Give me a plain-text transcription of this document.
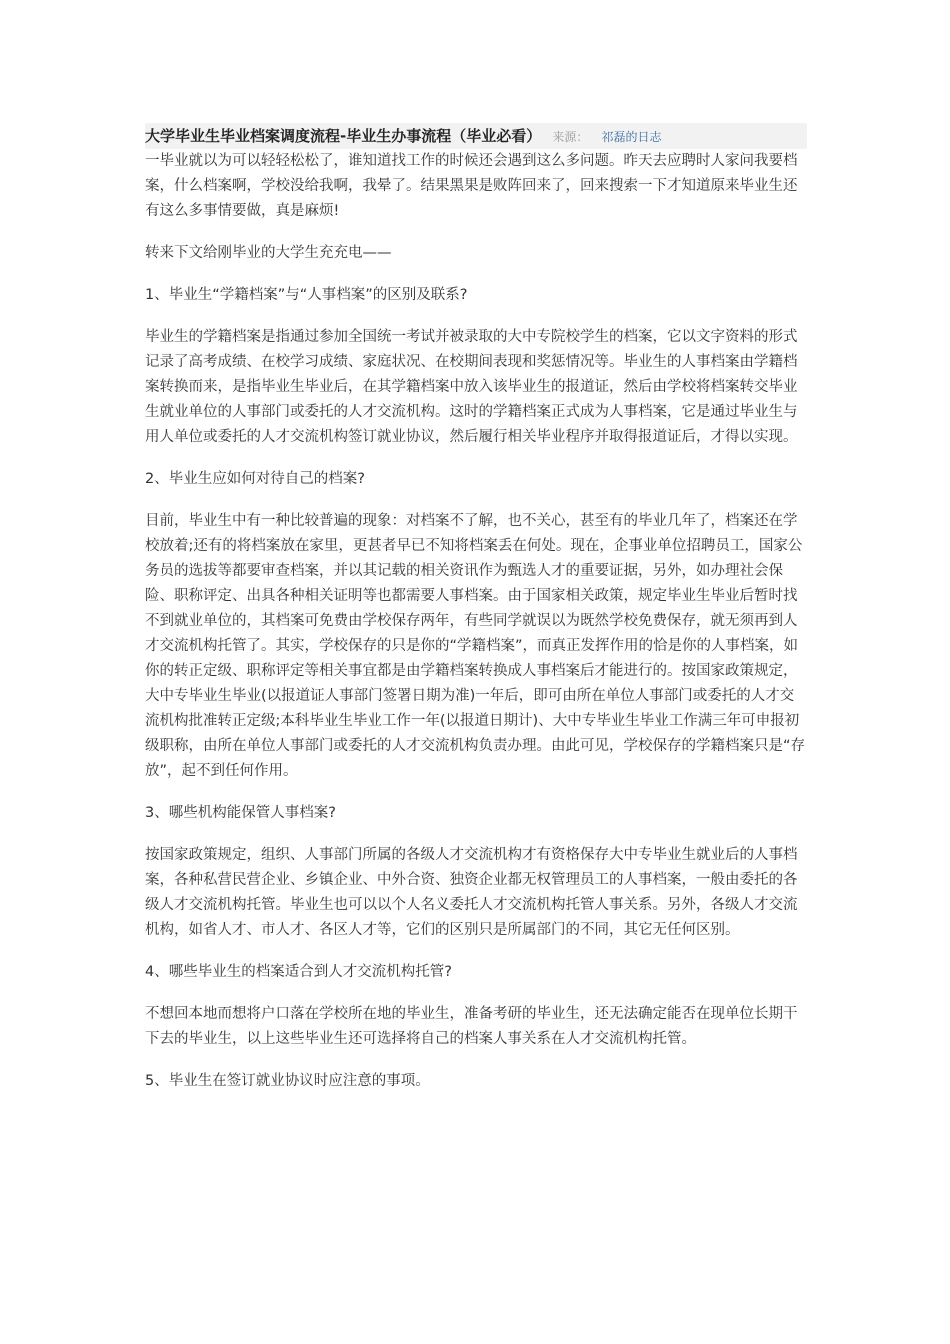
大学毕业生毕业档案调度流程-毕业生办事流程（毕业必看） 来源： 祁磊的日志

一毕业就以为可以轻轻松松了，谁知道找工作的时候还会遇到这么多问题。昨天去应聘时人家问我要档案，什么档案啊，学校没给我啊，我晕了。结果黑果是败阵回来了，回来搜索一下才知道原来毕业生还有这么多事情要做，真是麻烦!

转来下文给刚毕业的大学生充充电——

1、毕业生“学籍档案”与“人事档案”的区别及联系?

毕业生的学籍档案是指通过参加全国统一考试并被录取的大中专院校学生的档案，它以文字资料的形式记录了高考成绩、在校学习成绩、家庭状况、在校期间表现和奖惩情况等。毕业生的人事档案由学籍档案转换而来，是指毕业生毕业后，在其学籍档案中放入该毕业生的报道证，然后由学校将档案转交毕业生就业单位的人事部门或委托的人才交流机构。这时的学籍档案正式成为人事档案，它是通过毕业生与用人单位或委托的人才交流机构签订就业协议，然后履行相关毕业程序并取得报道证后，才得以实现。

2、毕业生应如何对待自己的档案?

目前，毕业生中有一种比较普遍的现象：对档案不了解，也不关心，甚至有的毕业几年了，档案还在学校放着;还有的将档案放在家里，更甚者早已不知将档案丢在何处。现在，企事业单位招聘员工，国家公务员的选拔等都要审查档案，并以其记载的相关资讯作为甄选人才的重要证据，另外，如办理社会保险、职称评定、出具各种相关证明等也都需要人事档案。由于国家相关政策，规定毕业生毕业后暂时找不到就业单位的，其档案可免费由学校保存两年，有些同学就误以为既然学校免费保存，就无须再到人才交流机构托管了。其实，学校保存的只是你的“学籍档案”，而真正发挥作用的恰是你的人事档案，如你的转正定级、职称评定等相关事宜都是由学籍档案转换成人事档案后才能进行的。按国家政策规定，大中专毕业生毕业(以报道证人事部门签署日期为准)一年后，即可由所在单位人事部门或委托的人才交流机构批准转正定级;本科毕业生毕业工作一年(以报道日期计)、大中专毕业生毕业工作满三年可申报初级职称，由所在单位人事部门或委托的人才交流机构负责办理。由此可见，学校保存的学籍档案只是“存放”，起不到任何作用。

3、哪些机构能保管人事档案?

按国家政策规定，组织、人事部门所属的各级人才交流机构才有资格保存大中专毕业生就业后的人事档案，各种私营民营企业、乡镇企业、中外合资、独资企业都无权管理员工的人事档案，一般由委托的各级人才交流机构托管。毕业生也可以以个人名义委托人才交流机构托管人事关系。另外，各级人才交流机构，如省人才、市人才、各区人才等，它们的区别只是所属部门的不同，其它无任何区别。

4、哪些毕业生的档案适合到人才交流机构托管?

不想回本地而想将户口落在学校所在地的毕业生，准备考研的毕业生，还无法确定能否在现单位长期干下去的毕业生，以上这些毕业生还可选择将自己的档案人事关系在人才交流机构托管。

5、毕业生在签订就业协议时应注意的事项。
